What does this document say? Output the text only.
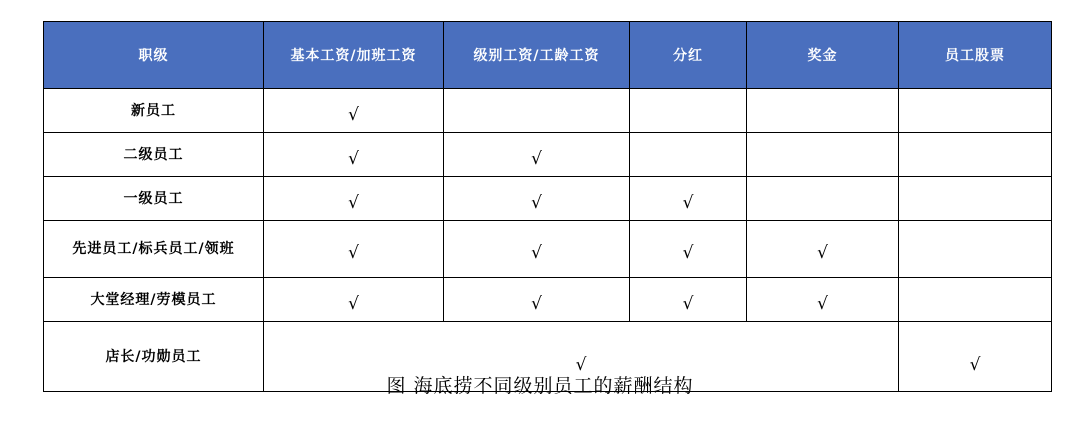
职级	基本工资/加班工资	级别工资/工龄工资	分红	奖金	员工股票
新员工	√				
二级员工	√	√			
一级员工	√	√	√		
先进员工/标兵员工/领班	√	√	√	√	
大堂经理/劳模员工	√	√	√	√	
店长/功勋员工	√				√
图 海底捞不同级别员工的薪酬结构
